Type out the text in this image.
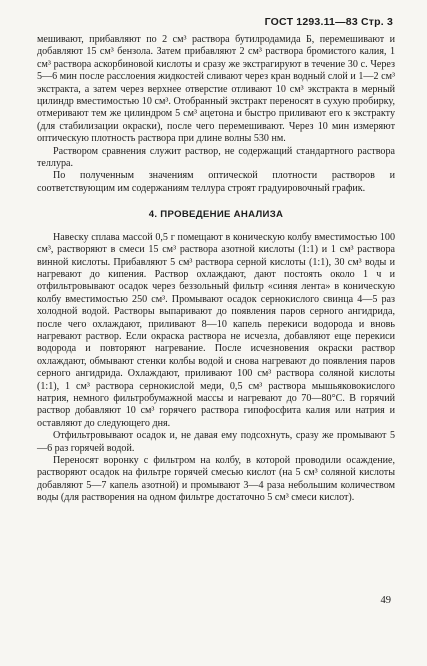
ГОСТ 1293.11—83 Стр. 3

мешивают, прибавляют по 2 см³ раствора бутилродамида Б, перемешивают и добавляют 15 см³ бензола. Затем прибавляют 2 см³ раствора бромистого калия, 1 см³ раствора аскорбиновой кислоты и сразу же экстрагируют в течение 30 с. Через 5—6 мин после расслоения жидкостей сливают через кран водный слой и 1—2 см³ экстракта, а затем через верхнее отверстие отливают 10 см³ экстракта в мерный цилиндр вместимостью 10 см³. Отобранный экстракт переносят в сухую пробирку, отмеривают тем же цилиндром 5 см³ ацетона и быстро приливают его к экстракту (для стабилизации окраски), после чего перемешивают. Через 10 мин измеряют оптическую плотность раствора при длине волны 530 нм.

Раствором сравнения служит раствор, не содержащий стандартного раствора теллура.

По полученным значениям оптической плотности растворов и соответствующим им содержаниям теллура строят градуировочный график.

4. ПРОВЕДЕНИЕ АНАЛИЗА

Навеску сплава массой 0,5 г помещают в коническую колбу вместимостью 100 см³, растворяют в смеси 15 см³ раствора азотной кислоты (1:1) и 1 см³ раствора винной кислоты. Прибавляют 5 см³ раствора серной кислоты (1:1), 30 см³ воды и нагревают до кипения. Раствор охлаждают, дают постоять около 1 ч и отфильтровывают осадок через беззольный фильтр «синяя лента» в коническую колбу вместимостью 250 см³. Промывают осадок сернокислого свинца 4—5 раз холодной водой. Растворы выпаривают до появления паров серного ангидрида, после чего охлаждают, приливают 8—10 капель перекиси водорода и вновь нагревают раствор. Если окраска раствора не исчезла, добавляют еще перекиси водорода и повторяют нагревание. После исчезновения окраски раствор охлаждают, обмывают стенки колбы водой и снова нагревают до появления паров серного ангидрида. Охлаждают, приливают 100 см³ раствора соляной кислоты (1:1), 1 см³ раствора сернокислой меди, 0,5 см³ раствора мышьяковокислого натрия, немного фильтробумажной массы и нагревают до 70—80°С. В горячий раствор добавляют 10 см³ горячего раствора гипофосфита калия или натрия и оставляют до следующего дня.

Отфильтровывают осадок и, не давая ему подсохнуть, сразу же промывают 5—6 раз горячей водой.

Переносят воронку с фильтром на колбу, в которой проводили осаждение, растворяют осадок на фильтре горячей смесью кислот (на 5 см³ соляной кислоты добавляют 5—7 капель азотной) и промывают 3—4 раза небольшим количеством воды (для растворения на одном фильтре достаточно 5 см³ смеси кислот).

49
